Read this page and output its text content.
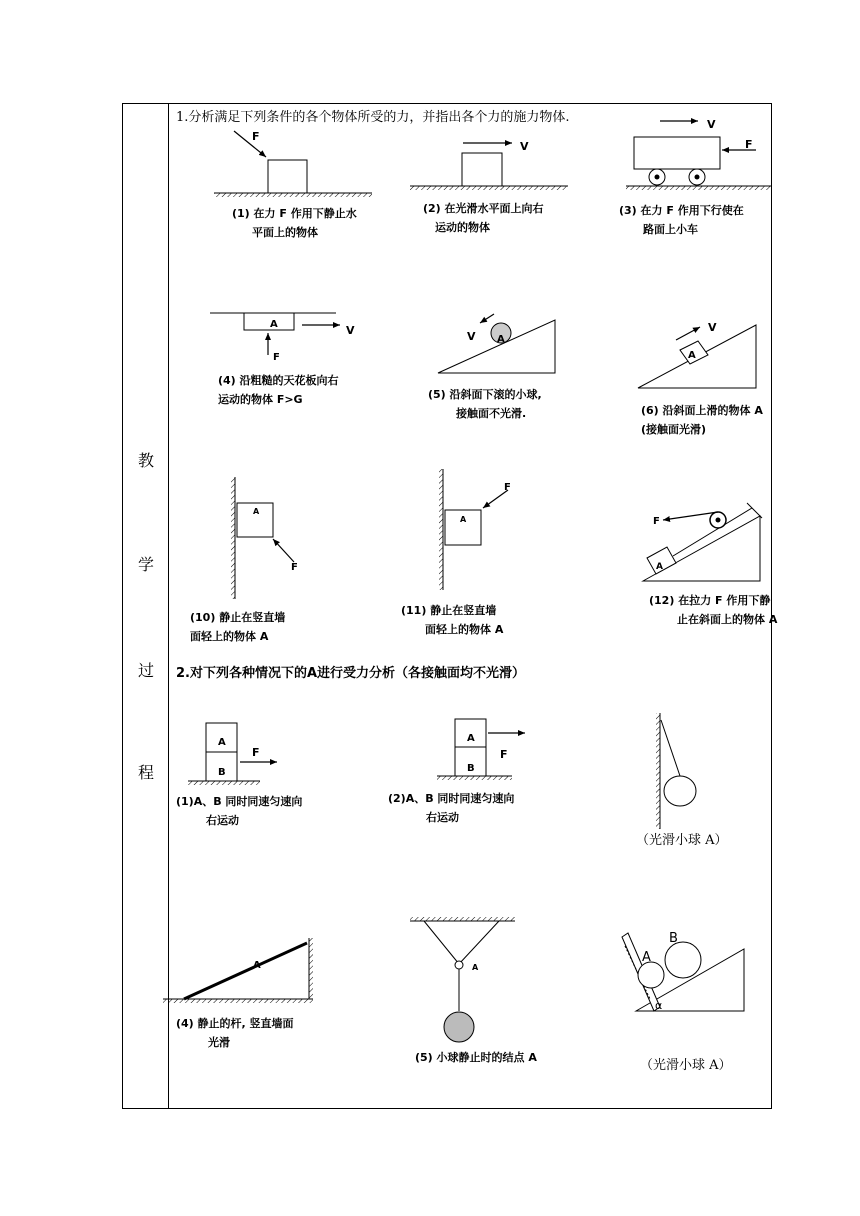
教
学
过
程
1.分析满足下列条件的各个物体所受的力，并指出各个力的施力物体.
2.对下列各种情况下的A进行受力分析（各接触面均不光滑）
(1) 在力 F 作用下静止水
平面上的物体
(2) 在光滑水平面上向右
运动的物体
(3) 在力 F 作用下行使在
路面上小车
(4) 沿粗糙的天花板向右
运动的物体 F>G	(5) 沿斜面下滚的小球,
接触面不光滑.	(6) 沿斜面上滑的物体 A
(接触面光滑)
(10) 静止在竖直墙
面轻上的物体 A
(11) 静止在竖直墙
面轻上的物体 A
(12) 在拉力 F 作用下静
止在斜面上的物体 A
(1)A、B 同时同速匀速向
右运动
(2)A、B 同时同速匀速向
右运动
（光滑小球 A）
(4) 静止的杆, 竖直墙面
光滑
(5) 小球静止时的结点 A
（光滑小球 A）
V
F
V	F
A	V
F
A
V
A
V
A
F
A
F
A
F
A
B
F
A
B
F
A	A
A
B
α
